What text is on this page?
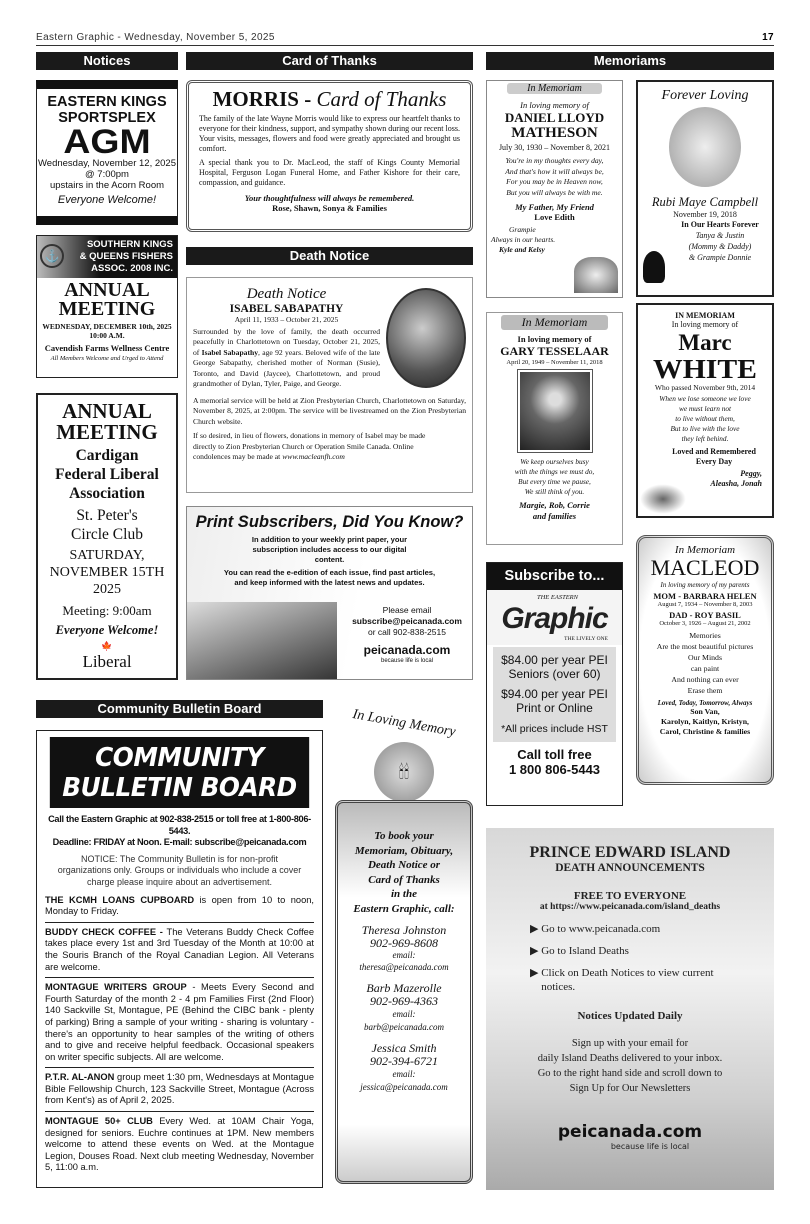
Eastern Graphic - Wednesday, November 5, 2025	17
Notices	Card of Thanks	Memoriams
EASTERN KINGS
SPORTSPLEX
AGM
Wednesday, November 12, 2025
@ 7:00pm
upstairs in the Acorn Room
Everyone Welcome!
⚓
SOUTHERN KINGS
& QUEENS FISHERS
ASSOC. 2008 INC.
ANNUAL
MEETING
WEDNESDAY, DECEMBER 10th, 2025
10:00 A.M.
Cavendish Farms Wellness Centre
All Members Welcome and Urged to Attend
ANNUAL
MEETING
Cardigan
Federal Liberal
Association
St. Peter's
Circle Club
SATURDAY,
NOVEMBER 15TH
2025
Meeting: 9:00am
Everyone Welcome!
🍁
Liberal
MORRIS - Card of Thanks

The family of the late Wayne Morris would like to express our heartfelt thanks to everyone for their kindness, support, and sympathy shown during our recent loss. Your visits, messages, flowers and food were greatly appreciated and brought us comfort.

A special thank you to Dr. MacLeod, the staff of Kings County Memorial Hospital, Ferguson Logan Funeral Home, and Father Kishore for their care, compassion, and guidance.

Your thoughtfulness will always be remembered.

Rose, Shawn, Sonya & Families

Death Notice
Death Notice
ISABEL SABAPATHY
April 11, 1933 – October 21, 2025

Surrounded by the love of family, the death occurred peacefully in Charlottetown on Tuesday, October 21, 2025, of Isabel Sabapathy, age 92 years. Beloved wife of the late George Sabapathy, cherished mother of Norman (Susie), Toronto, and David (Jaycee), Charlottetown, and proud grandmother of Dylan, Tyler, Paige, and George.

A memorial service will be held at Zion Presbyterian Church, Charlottetown on Saturday, November 8, 2025, at 2:00pm. The service will be livestreamed on the Zion Presbyterian Church website.

If so desired, in lieu of flowers, donations in memory of Isabel may be made directly to Zion Presbyterian Church or Operation Smile Canada. Online condolences may be made at www.macleanfh.com

Print Subscribers, Did You Know?

In addition to your weekly print paper, your subscription includes access to our digital content.

You can read the e-edition of each issue, find past articles, and keep informed with the latest news and updates.

Please email
subscribe@peicanada.com
or call 902-838-2515
peicanada.com
because life is local
Community Bulletin Board
COMMUNITY
BULLETIN BOARD

Call the Eastern Graphic at 902-838-2515 or toll free at 1-800-806-5443.

Deadline: FRIDAY at Noon. E-mail: subscribe@peicanada.com

NOTICE: The Community Bulletin is for non-profit organizations only. Groups or individuals who include a cover charge please inquire about an advertisement.

THE KCMH LOANS CUPBOARD is open from 10 to noon, Monday to Friday.

BUDDY CHECK COFFEE - The Veterans Buddy Check Coffee takes place every 1st and 3rd Tuesday of the Month at 10:00 at the Souris Branch of the Royal Canadian Legion. All Veterans are welcome.

MONTAGUE WRITERS GROUP - Meets Every Second and Fourth Saturday of the month 2 - 4 pm Families First (2nd Floor) 140 Sackville St, Montague, PE (Behind the CIBC bank - plenty of parking) Bring a sample of your writing - sharing is voluntary - there's an opportunity to hear samples of the writing of others and to give and receive helpful feedback. Occasional speakers on writer specific subjects. All are welcome.

P.T.R. AL-ANON group meet 1:30 pm, Wednesdays at Montague Bible Fellowship Church, 123 Sackville Street, Montague (Across from Kent's) as of April 2, 2025.

MONTAGUE 50+ CLUB Every Wed. at 10AM Chair Yoga, designed for seniors. Euchre continues at 1PM. New members welcome to attend these events on Wed. at the Montague Legion, Douses Road. Next club meeting Wednesday, November 5, 11:00 a.m.

In Loving Memory
🕯🕯
To book your
Memoriam, Obituary,
Death Notice or
Card of Thanks
in the
Eastern Graphic, call:
Theresa Johnston
902-969-8608
email:
theresa@peicanada.com
Barb Mazerolle
902-969-4363
email:
barb@peicanada.com
Jessica Smith
902-394-6721
email:
jessica@peicanada.com
In Memoriam
In loving memory of
DANIEL LLOYD
MATHESON
July 30, 1930 – November 8, 2021
You're in my thoughts every day,
And that's how it will always be,
For you may be in Heaven now,
But you will always be with me.
My Father, My Friend
Love Edith
Grampie
Always in our hearts.
Kyle and Kelsy
Forever Loving
Rubi Maye Campbell
November 19, 2018
In Our Hearts Forever
Tanya & Justin
(Mommy & Daddy)
& Grampie Donnie
In Memoriam
In loving memory of
GARY TESSELAAR
April 20, 1949 – November 11, 2018
We keep ourselves busy
with the things we must do,
But every time we pause,
We still think of you.
Margie, Rob, Corrie
and families
IN MEMORIAM
In loving memory of
Marc
WHITE
Who passed November 9th, 2014
When we lose someone we love
we must learn not
to live without them,
But to live with the love
they left behind.
Loved and Remembered
Every Day
Peggy,
Aleasha, Jonah
Subscribe to...
THE EASTERN
Graphic
THE LIVELY ONE
$84.00 per year PEI
Seniors (over 60)
$94.00 per year PEI
Print or Online
*All prices include HST
Call toll free
1 800 806-5443
In Memoriam
MACLEOD
In loving memory of my parents
MOM - BARBARA HELEN
August 7, 1934 – November 8, 2003
DAD - ROY BASIL
October 3, 1926 – August 21, 2002
Memories
Are the most beautiful pictures
Our Minds
can paint
And nothing can ever
Erase them
Loved, Today, Tomorrow, Always
Son Van,
Karolyn, Kaitlyn, Kristyn,
Carol, Christine & families
PRINCE EDWARD ISLAND
DEATH ANNOUNCEMENTS
FREE TO EVERYONE
at https://www.peicanada.com/island_deaths
▶ Go to www.peicanada.com
▶ Go to Island Deaths
▶ Click on Death Notices to view current notices.
Notices Updated Daily
Sign up with your email for
daily Island Deaths delivered to your inbox.
Go to the right hand side and scroll down to
Sign Up for Our Newsletters
peicanada.com
because life is local
